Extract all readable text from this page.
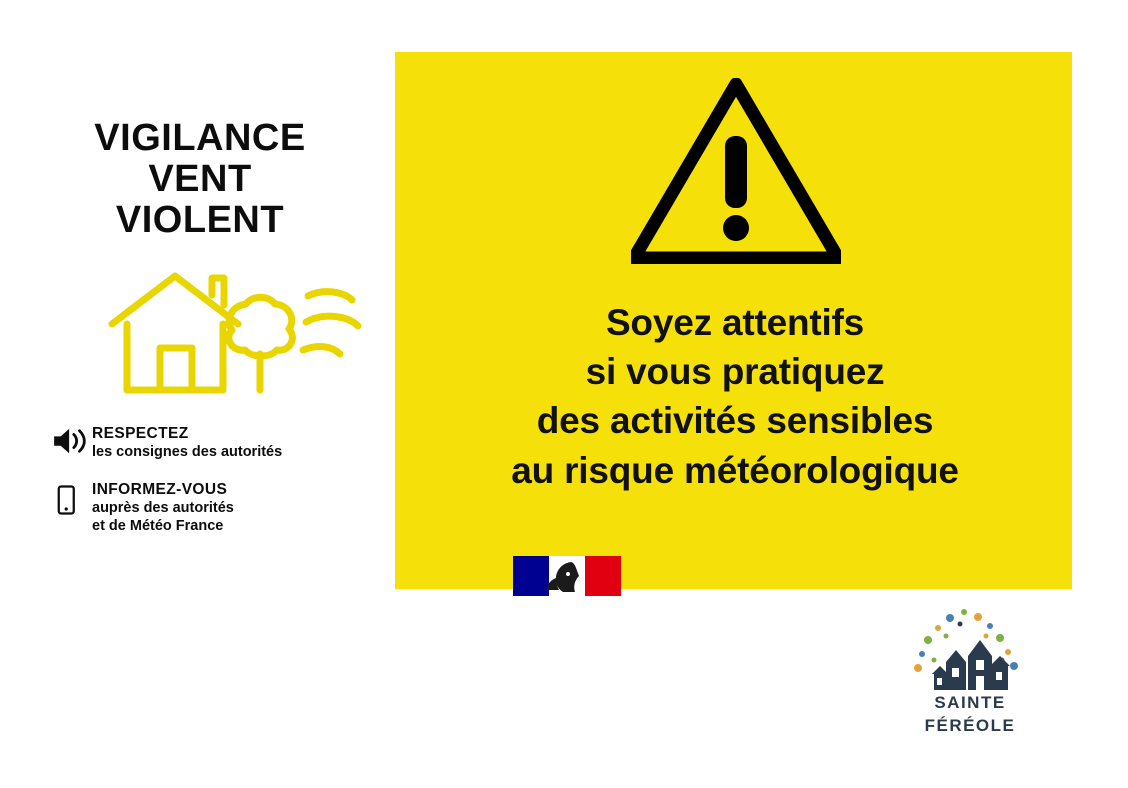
VIGILANCE
VENT
VIOLENT
RESPECTEZ
les consignes des autorités
INFORMEZ-VOUS
auprès des autorités
et de Météo France
Soyez attentifs
si vous pratiquez
des activités sensibles
au risque météorologique
SAINTE
FÉRÉOLE
